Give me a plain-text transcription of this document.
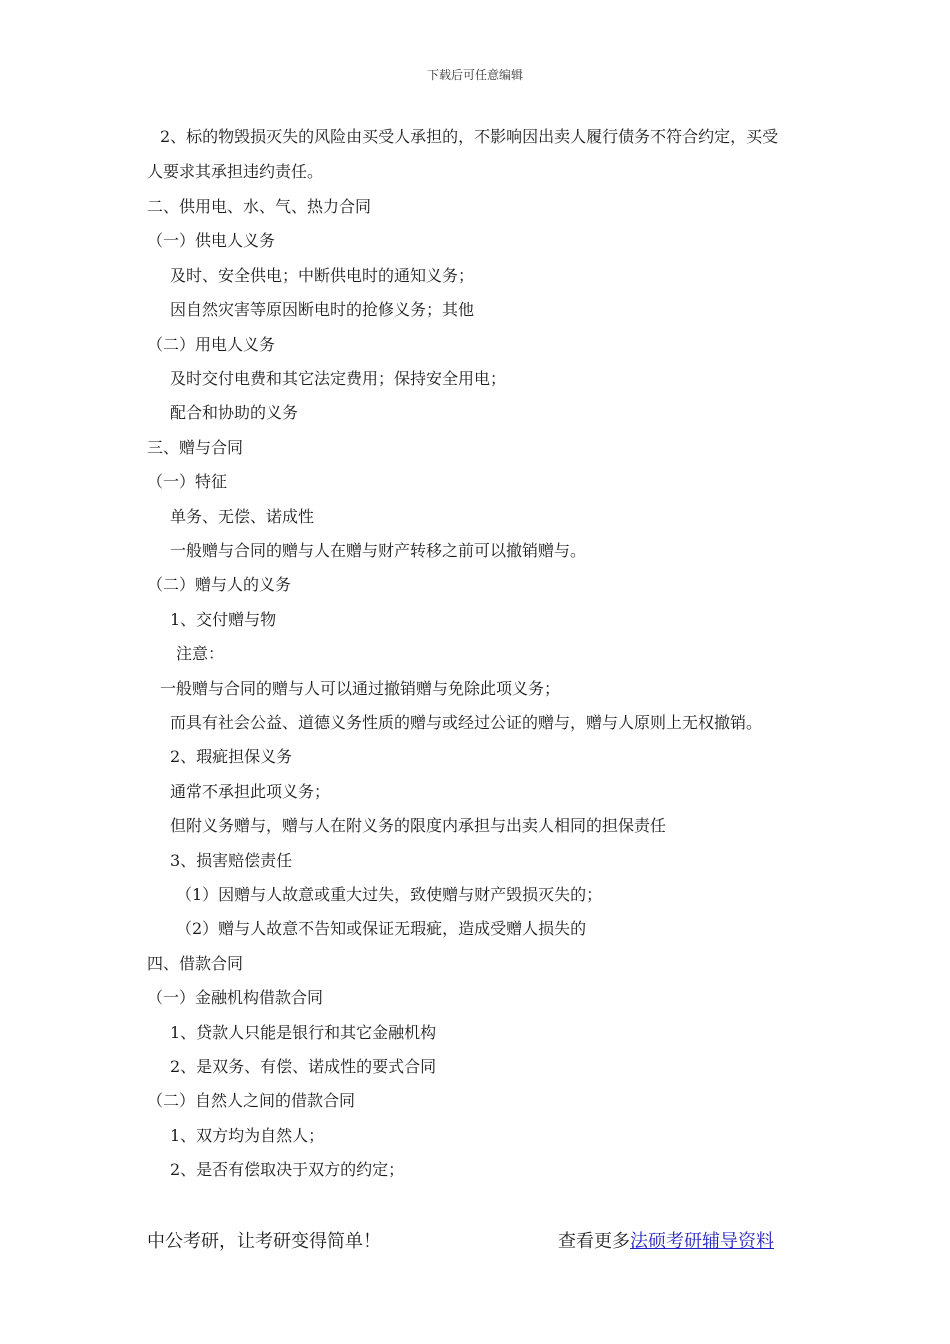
下载后可任意编辑
2、标的物毁损灭失的风险由买受人承担的，不影响因出卖人履行债务不符合约定，买受
人要求其承担违约责任。
二、供用电、水、气、热力合同
（一）供电人义务
及时、安全供电；中断供电时的通知义务；
因自然灾害等原因断电时的抢修义务；其他
（二）用电人义务
及时交付电费和其它法定费用；保持安全用电；
配合和协助的义务
三、赠与合同
（一）特征
单务、无偿、诺成性
一般赠与合同的赠与人在赠与财产转移之前可以撤销赠与。
（二）赠与人的义务
1、交付赠与物
注意：
一般赠与合同的赠与人可以通过撤销赠与免除此项义务；
而具有社会公益、道德义务性质的赠与或经过公证的赠与，赠与人原则上无权撤销。
2、瑕疵担保义务
通常不承担此项义务；
但附义务赠与，赠与人在附义务的限度内承担与出卖人相同的担保责任
3、损害赔偿责任
（1）因赠与人故意或重大过失，致使赠与财产毁损灭失的；
（2）赠与人故意不告知或保证无瑕疵，造成受赠人损失的
四、借款合同
（一）金融机构借款合同
1、贷款人只能是银行和其它金融机构
2、是双务、有偿、诺成性的要式合同
（二）自然人之间的借款合同
1、双方均为自然人；
2、是否有偿取决于双方的约定；
中公考研，让考研变得简单！	查看更多法硕考研辅导资料
